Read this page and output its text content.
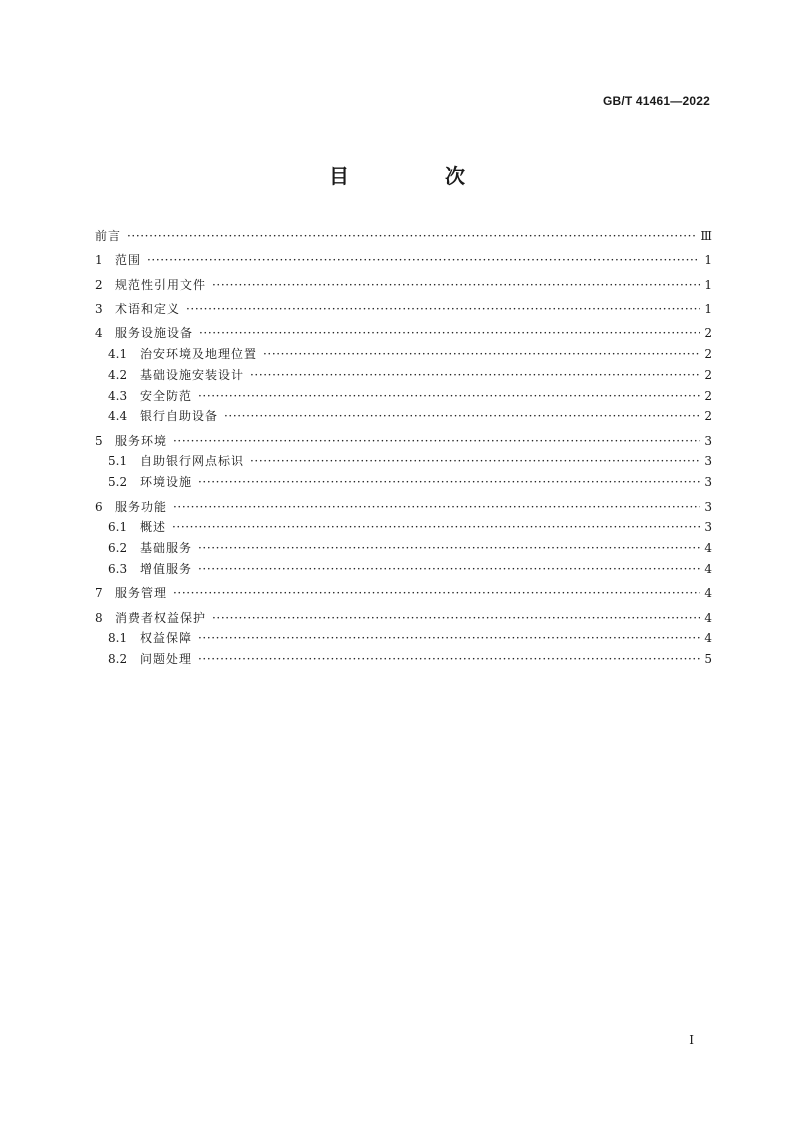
GB/T 41461—2022
目　次
前言 ·····	Ⅲ
1	范围 ·····	1
2	规范性引用文件 ·····	1
3	术语和定义 ·····	1
4	服务设施设备 ·····	2
4.1	治安环境及地理位置 ·····	2
4.2	基础设施安装设计 ·····	2
4.3	安全防范 ·····	2
4.4	银行自助设备 ·····	2
5	服务环境 ·····	3
5.1	自助银行网点标识 ·····	3
5.2	环境设施 ·····	3
6	服务功能 ·····	3
6.1	概述 ·····	3
6.2	基础服务 ·····	4
6.3	增值服务 ·····	4
7	服务管理 ·····	4
8	消费者权益保护 ·····	4
8.1	权益保障 ·····	4
8.2	问题处理 ·····	5
I
